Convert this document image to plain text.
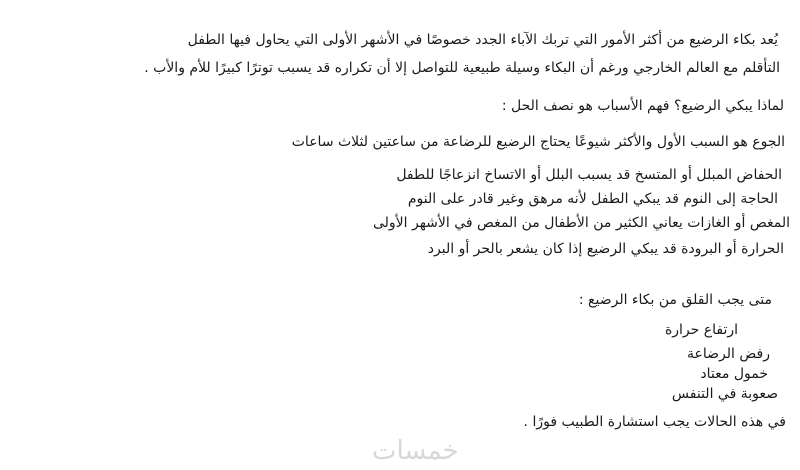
يُعد بكاء الرضيع من أكثر الأمور التي تربك الآباء الجدد خصوصًا في الأشهر الأولى التي يحاول فيها الطفل
التأقلم مع العالم الخارجي ورغم أن البكاء وسيلة طبيعية للتواصل إلا أن تكراره قد يسبب توترًا كبيرًا للأم والأب .
لماذا يبكي الرضيع؟ فهم الأسباب هو نصف الحل :
الجوع هو السبب الأول والأكثر شيوعًا يحتاج الرضيع للرضاعة من ساعتين لثلاث ساعات
الحفاض المبلل أو المتسخ قد يسبب البلل أو الاتساخ انزعاجًا للطفل
الحاجة إلى النوم قد يبكي الطفل لأنه مرهق وغير قادر على النوم
المغص أو الغازات يعاني الكثير من الأطفال من المغص في الأشهر الأولى
الحرارة أو البرودة قد يبكي الرضيع إذا كان يشعر بالحر أو البرد
متى يجب القلق من بكاء الرضيع :
ارتفاع حرارة
رفض الرضاعة
خمول معتاد
صعوبة في التنفس
في هذه الحالات يجب استشارة الطبيب فورًا .
خمسات
